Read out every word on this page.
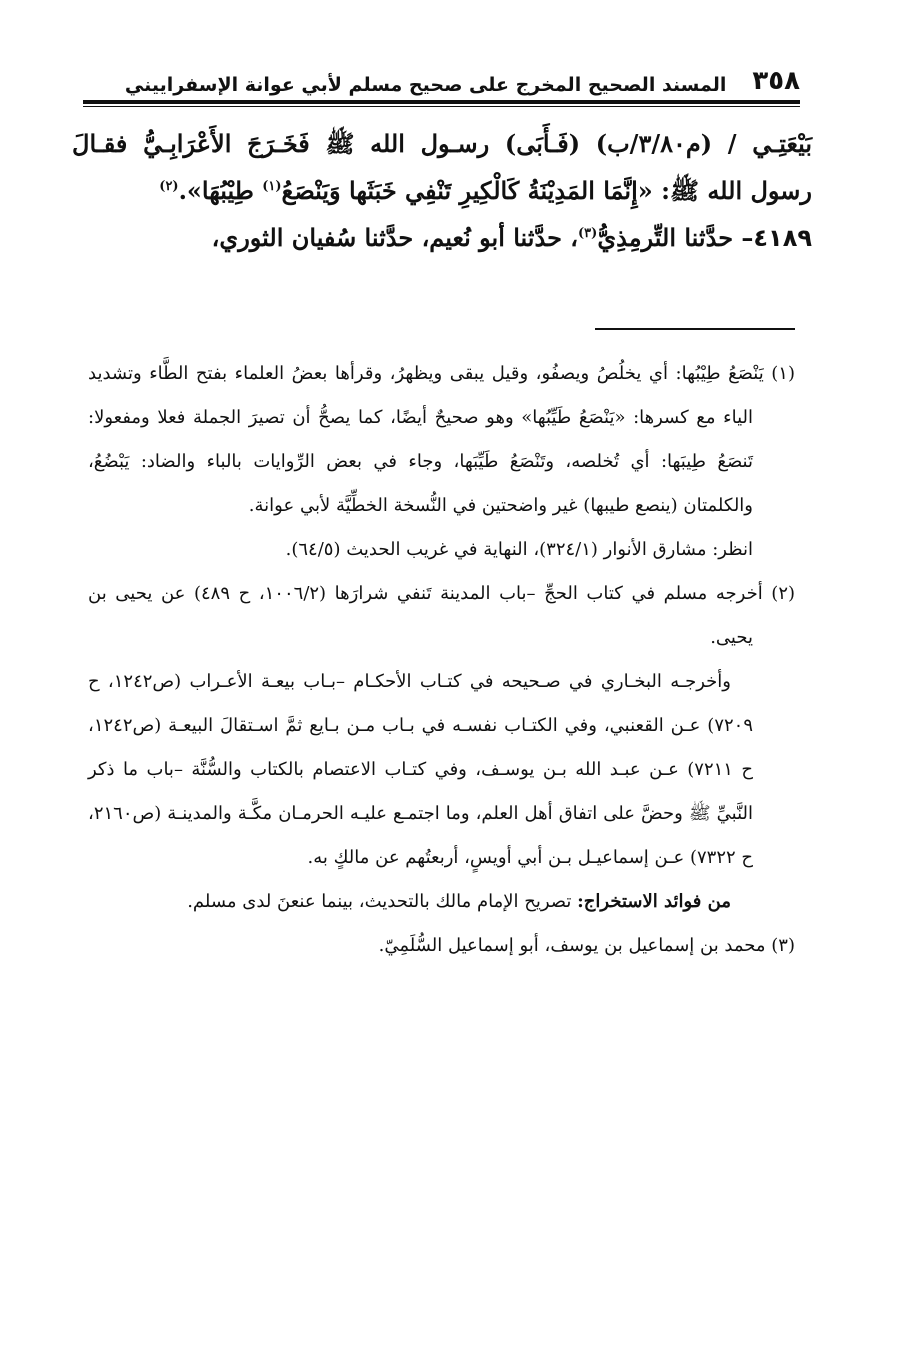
٣٥٨
المسند الصحيح المخرج على صحيح مسلم لأبي عوانة الإسفراييني

بَيْعَتِـي / (م٣/٨٠/ب) (فَـأَبَى) رسـول الله ﷺ فَخَـرَجَ الأَعْرَابِـيُّ فقـالَ رسول الله ﷺ: «إِنَّمَا المَدِيْنَةُ كَالْكِيرِ تَنْفِي خَبَثَها وَيَنْصَعُ$^{(١)}$ طِيْبُهَا».$^{(٢)}$

٤١٨٩– حدَّثنا التِّرمِذِيُّ$^{(٣)}$، حدَّثنا أبو نُعيم، حدَّثنا سُفيان الثوري،

(١) يَنْصَعُ طِيْبُها: أي يخلُصُ ويصفُو، وقيل يبقى ويظهرُ، وقرأها بعضُ العلماء بفتح الطَّاء وتشديد الياء مع كسرها: «يَنْصَعُ طَيِّبُها» وهو صحيحٌ أيضًا، كما يصحُّ أن تصيرَ الجملة فعلا ومفعولا: تَنصَعُ طِيبَها: أي تُخلصه، وتَنْصَعُ طَيِّبَها، وجاء في بعض الرِّوايات بالباء والضاد: يَبْضُعُ، والكلمتان (ينصع طيبها) غير واضحتين في النُّسخة الخطِّيَّة لأبي عوانة.

انظر: مشارق الأنوار (٣٢٤/١)، النهاية في غريب الحديث (٦٤/٥).

(٢) أخرجه مسلم في كتاب الحجِّ –باب المدينة تَنفي شرارَها (١٠٠٦/٢، ح ٤٨٩) عن يحيى بن يحيى.

وأخرجـه البخـاري في صـحيحه في كتـاب الأحكـام –بـاب بيعـة الأعـراب (ص١٢٤٢، ح ٧٢٠٩) عـن القعنبي، وفي الكتـاب نفسـه في بـاب مـن بـايع ثمَّ اسـتقالَ البيعـة (ص١٢٤٢، ح ٧٢١١) عـن عبـد الله بـن يوسـف، وفي كتـاب الاعتصام بالكتاب والسُّنَّة –باب ما ذكر النَّبيِّ ﷺ وحضَّ على اتفاق أهل العلم، وما اجتمـع عليـه الحرمـان مكَّـة والمدينـة (ص٢١٦٠، ح ٧٣٢٢) عـن إسماعيـل بـن أبي أويسٍ، أربعتُهم عن مالكٍ به.

من فوائد الاستخراج: تصريح الإمام مالك بالتحديث، بينما عنعنَ لدى مسلم.

(٣) محمد بن إسماعيل بن يوسف، أبو إسماعيل السُّلَمِيّ.
